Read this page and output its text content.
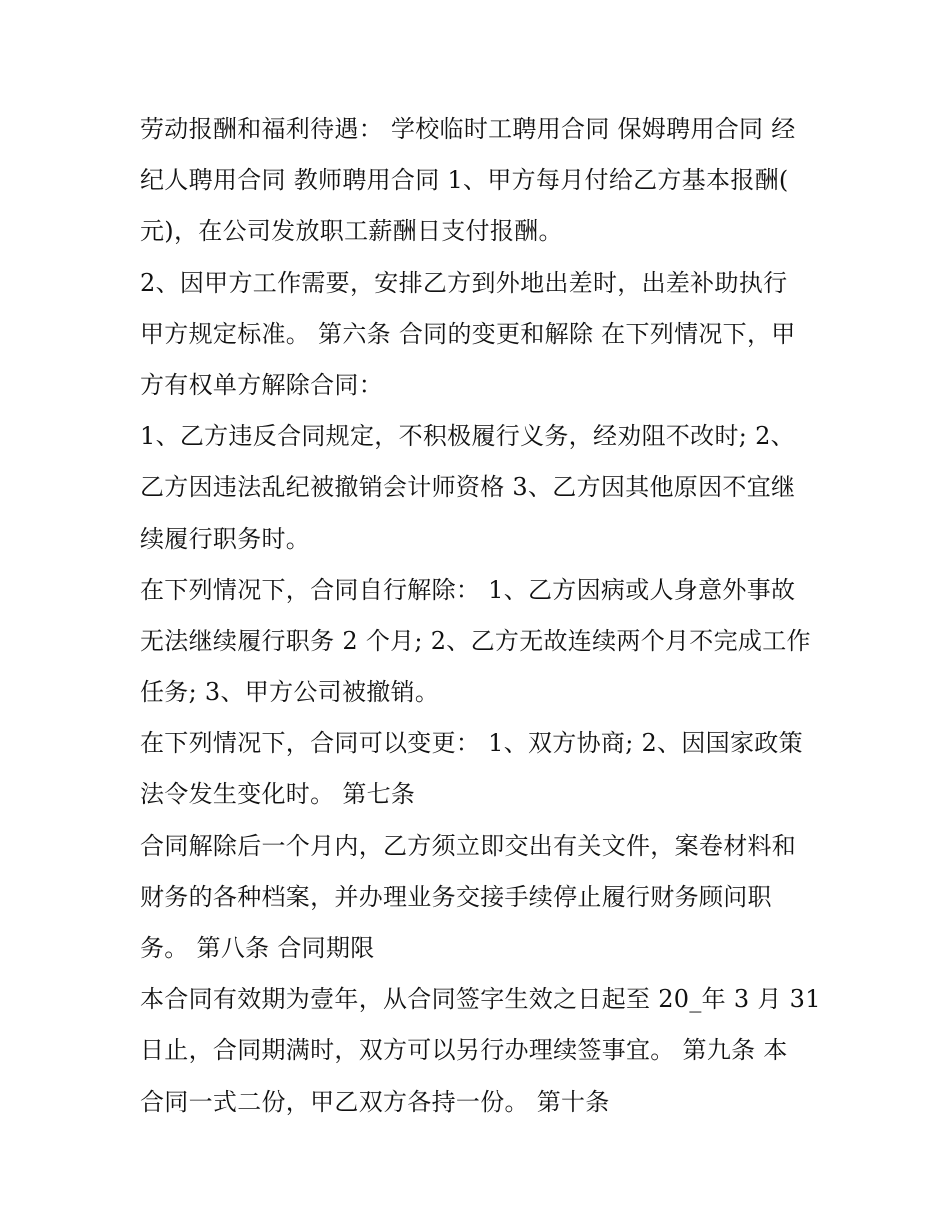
劳动报酬和福利待遇： 学校临时工聘用合同 保姆聘用合同 经
纪人聘用合同 教师聘用合同 1、甲方每月付给乙方基本报酬(
元)，在公司发放职工薪酬日支付报酬。
2、因甲方工作需要，安排乙方到外地出差时，出差补助执行
甲方规定标准。 第六条 合同的变更和解除 在下列情况下，甲
方有权单方解除合同：
1、乙方违反合同规定，不积极履行义务，经劝阻不改时; 2、
乙方因违法乱纪被撤销会计师资格 3、乙方因其他原因不宜继
续履行职务时。
在下列情况下，合同自行解除： 1、乙方因病或人身意外事故
无法继续履行职务 2 个月; 2、乙方无故连续两个月不完成工作
任务; 3、甲方公司被撤销。
在下列情况下，合同可以变更： 1、双方协商; 2、因国家政策
法令发生变化时。 第七条
合同解除后一个月内，乙方须立即交出有关文件，案卷材料和
财务的各种档案，并办理业务交接手续停止履行财务顾问职
务。 第八条 合同期限
本合同有效期为壹年，从合同签字生效之日起至 20_年 3 月 31
日止，合同期满时，双方可以另行办理续签事宜。 第九条 本
合同一式二份，甲乙双方各持一份。 第十条
